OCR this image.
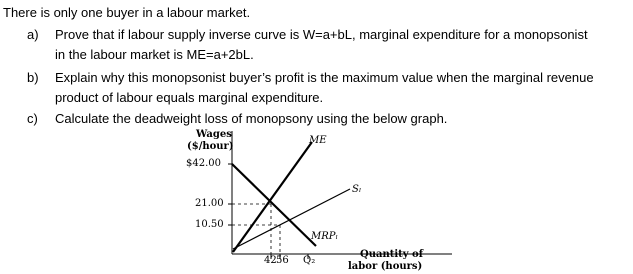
There is only one buyer in a labour market.
a) Prove that if labour supply inverse curve is W=a+bL, marginal expenditure for a monopsonist
in the labour market is ME=a+2bL.
b) Explain why this monopsonist buyer’s profit is the maximum value when the marginal revenue
product of labour equals marginal expenditure.
c) Calculate the deadweight loss of monopsony using the below graph.
Wages
($/hour)
$42.00
21.00
10.50
42 56 Q₂
ME
Sₗ
MRPₗ
Quantity of
labor (hours)
